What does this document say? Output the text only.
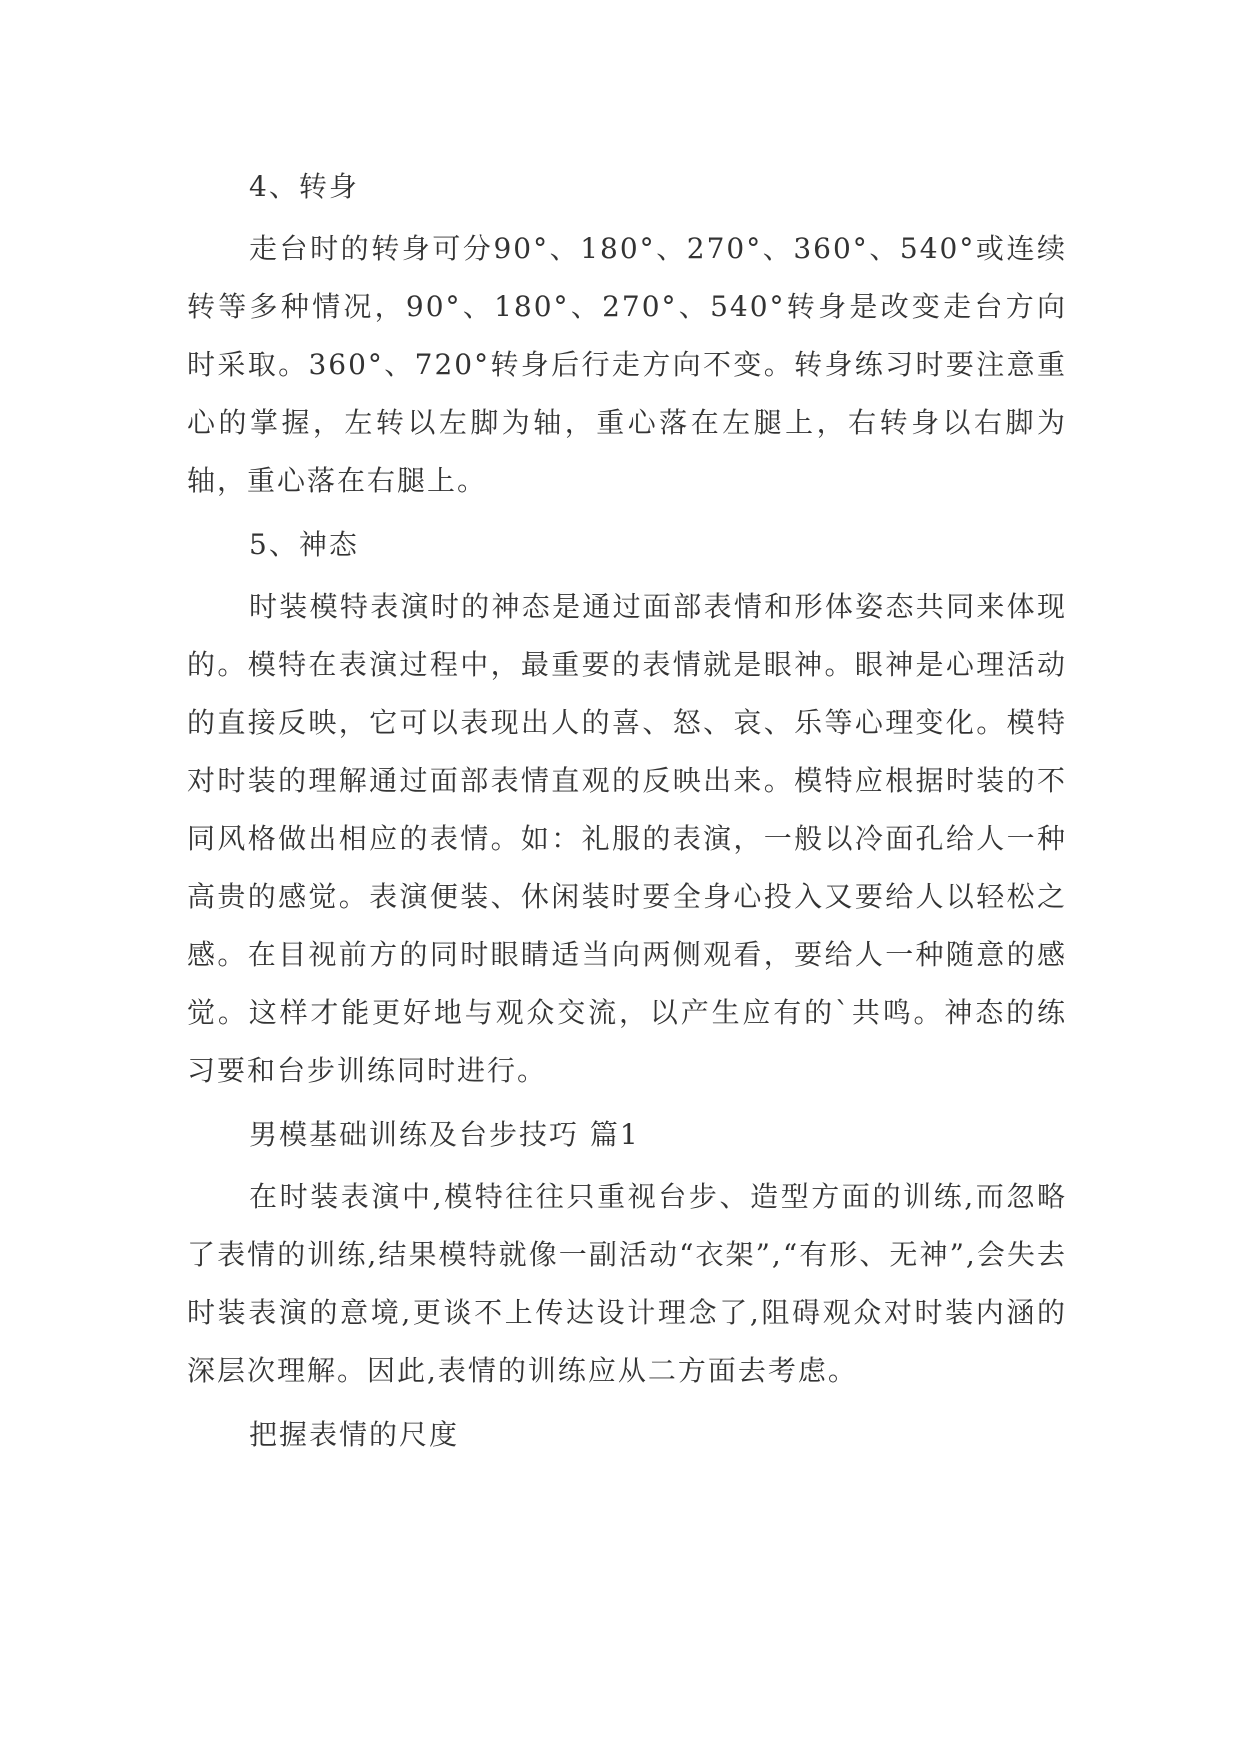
4、转身

走台时的转身可分90°、180°、270°、360°、540°或连续转等多种情况，90°、180°、270°、540°转身是改变走台方向时采取。360°、720°转身后行走方向不变。转身练习时要注意重心的掌握，左转以左脚为轴，重心落在左腿上，右转身以右脚为轴，重心落在右腿上。

5、神态

时装模特表演时的神态是通过面部表情和形体姿态共同来体现的。模特在表演过程中，最重要的表情就是眼神。眼神是心理活动的直接反映，它可以表现出人的喜、怒、哀、乐等心理变化。模特对时装的理解通过面部表情直观的反映出来。模特应根据时装的不同风格做出相应的表情。如：礼服的表演，一般以冷面孔给人一种高贵的感觉。表演便装、休闲装时要全身心投入又要给人以轻松之感。在目视前方的同时眼睛适当向两侧观看，要给人一种随意的感觉。这样才能更好地与观众交流，以产生应有的`共鸣。神态的练习要和台步训练同时进行。

男模基础训练及台步技巧 篇1

在时装表演中,模特往往只重视台步、造型方面的训练,而忽略了表情的训练,结果模特就像一副活动“衣架”,“有形、无神”,会失去时装表演的意境,更谈不上传达设计理念了,阻碍观众对时装内涵的深层次理解。因此,表情的训练应从二方面去考虑。

把握表情的尺度
